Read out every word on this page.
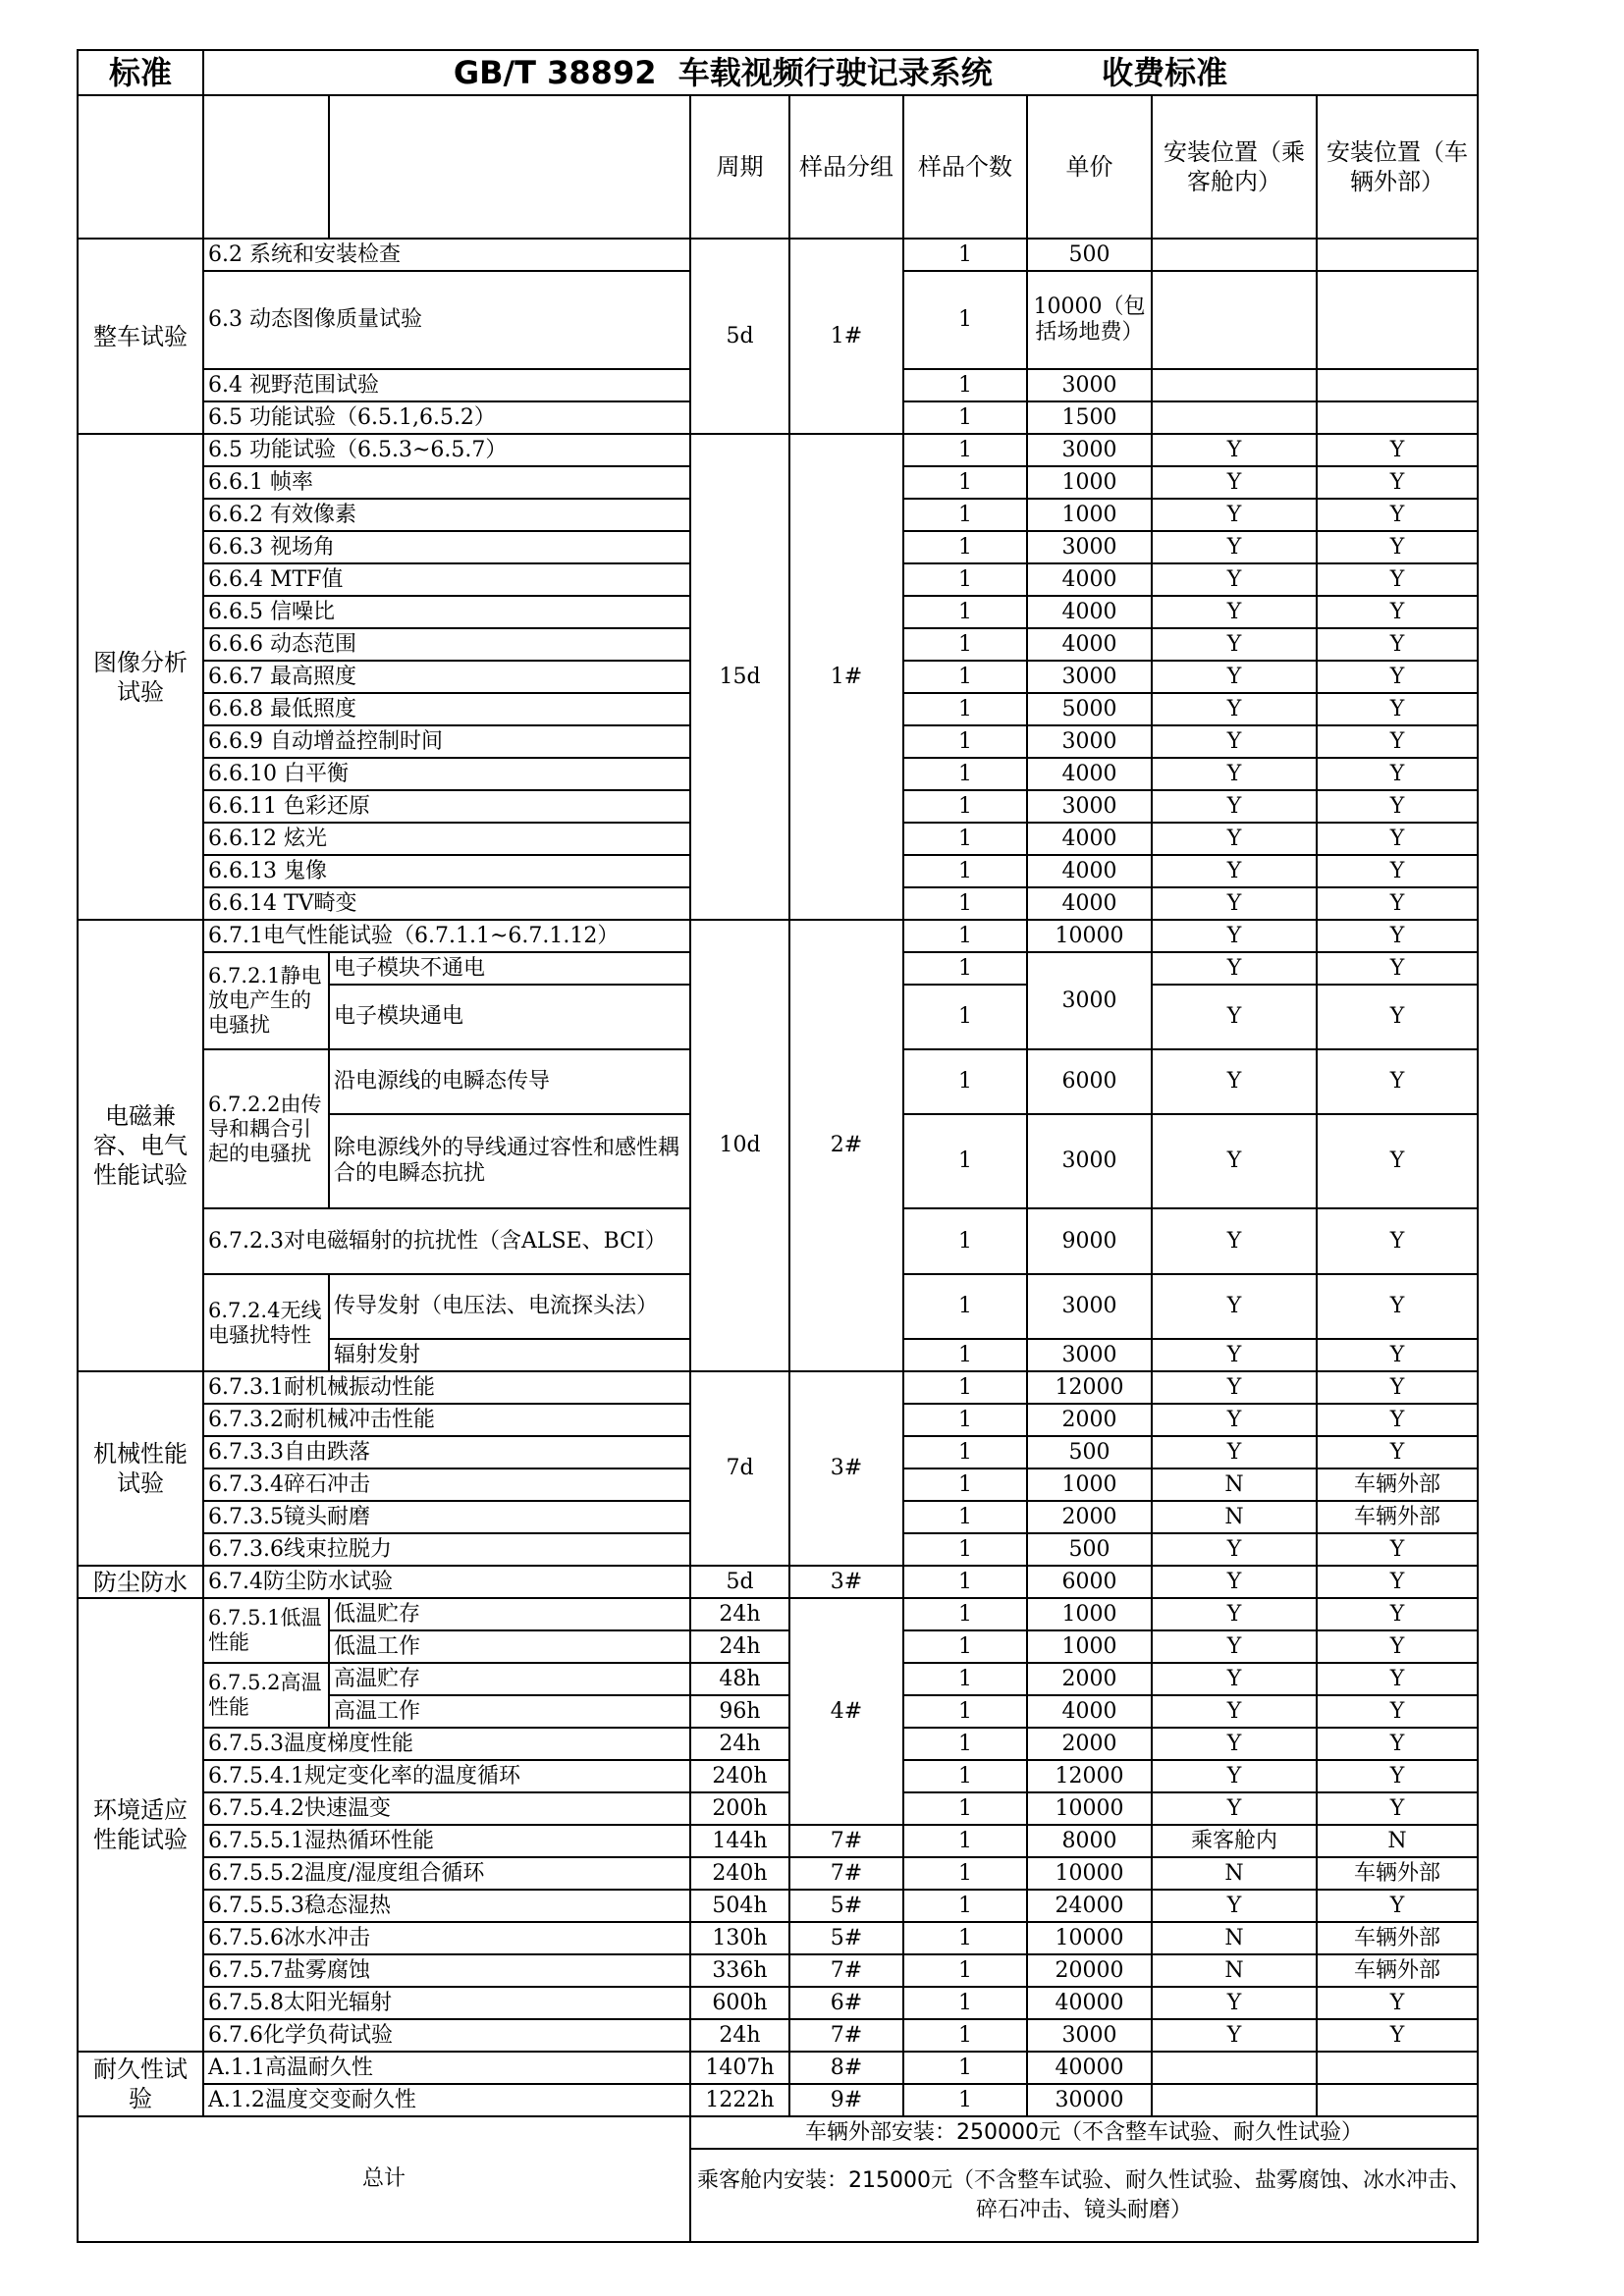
标准	GB/T 38892  车载视频行驶记录系统          收费标准							
			周期	样品分组	样品个数	单价	安装位置（乘客舱内）	安装位置（车辆外部）
整车试验	6.2 系统和安装检查		5d	1#	1	500		
	6.3 动态图像质量试验				1	10000（包括场地费）		
	6.4 视野范围试验				1	3000		
	6.5 功能试验（6.5.1,6.5.2）				1	1500		
图像分析试验	6.5 功能试验（6.5.3~6.5.7）		15d	1#	1	3000	Y	Y
	6.6.1 帧率				1	1000	Y	Y
	6.6.2 有效像素				1	1000	Y	Y
	6.6.3 视场角				1	3000	Y	Y
	6.6.4 MTF值				1	4000	Y	Y
	6.6.5 信噪比				1	4000	Y	Y
	6.6.6 动态范围				1	4000	Y	Y
	6.6.7 最高照度				1	3000	Y	Y
	6.6.8 最低照度				1	5000	Y	Y
	6.6.9 自动增益控制时间				1	3000	Y	Y
	6.6.10 白平衡				1	4000	Y	Y
	6.6.11 色彩还原				1	3000	Y	Y
	6.6.12 炫光				1	4000	Y	Y
	6.6.13 鬼像				1	4000	Y	Y
	6.6.14 TV畸变				1	4000	Y	Y
电磁兼容、电气性能试验	6.7.1电气性能试验（6.7.1.1~6.7.1.12）		10d	2#	1	10000	Y	Y
	6.7.2.1静电放电产生的电骚扰	电子模块不通电			1	3000	Y	Y
		电子模块通电			1		Y	Y
	6.7.2.2由传导和耦合引起的电骚扰	沿电源线的电瞬态传导			1	6000	Y	Y
		除电源线外的导线通过容性和感性耦合的电瞬态抗扰			1	3000	Y	Y
	6.7.2.3对电磁辐射的抗扰性（含ALSE、BCI）				1	9000	Y	Y
	6.7.2.4无线电骚扰特性	传导发射（电压法、电流探头法）			1	3000	Y	Y
		辐射发射			1	3000	Y	Y
机械性能试验	6.7.3.1耐机械振动性能		7d	3#	1	12000	Y	Y
	6.7.3.2耐机械冲击性能				1	2000	Y	Y
	6.7.3.3自由跌落				1	500	Y	Y
	6.7.3.4碎石冲击				1	1000	N	车辆外部
	6.7.3.5镜头耐磨				1	2000	N	车辆外部
	6.7.3.6线束拉脱力				1	500	Y	Y
防尘防水	6.7.4防尘防水试验		5d	3#	1	6000	Y	Y
环境适应性能试验	6.7.5.1低温性能	低温贮存	24h	4#	1	1000	Y	Y
		低温工作	24h		1	1000	Y	Y
	6.7.5.2高温性能	高温贮存	48h		1	2000	Y	Y
		高温工作	96h		1	4000	Y	Y
	6.7.5.3温度梯度性能		24h		1	2000	Y	Y
	6.7.5.4.1规定变化率的温度循环		240h		1	12000	Y	Y
	6.7.5.4.2快速温变		200h		1	10000	Y	Y
	6.7.5.5.1湿热循环性能		144h	7#	1	8000	乘客舱内	N
	6.7.5.5.2温度/湿度组合循环		240h	7#	1	10000	N	车辆外部
	6.7.5.5.3稳态湿热		504h	5#	1	24000	Y	Y
	6.7.5.6冰水冲击		130h	5#	1	10000	N	车辆外部
	6.7.5.7盐雾腐蚀		336h	7#	1	20000	N	车辆外部
	6.7.5.8太阳光辐射		600h	6#	1	40000	Y	Y
	6.7.6化学负荷试验		24h	7#	1	3000	Y	Y
耐久性试验	A.1.1高温耐久性		1407h	8#	1	40000		
	A.1.2温度交变耐久性		1222h	9#	1	30000		
总计			车辆外部安装：250000元（不含整车试验、耐久性试验）					
			乘客舱内安装：215000元（不含整车试验、耐久性试验、盐雾腐蚀、冰水冲击、
碎石冲击、镜头耐磨）					
